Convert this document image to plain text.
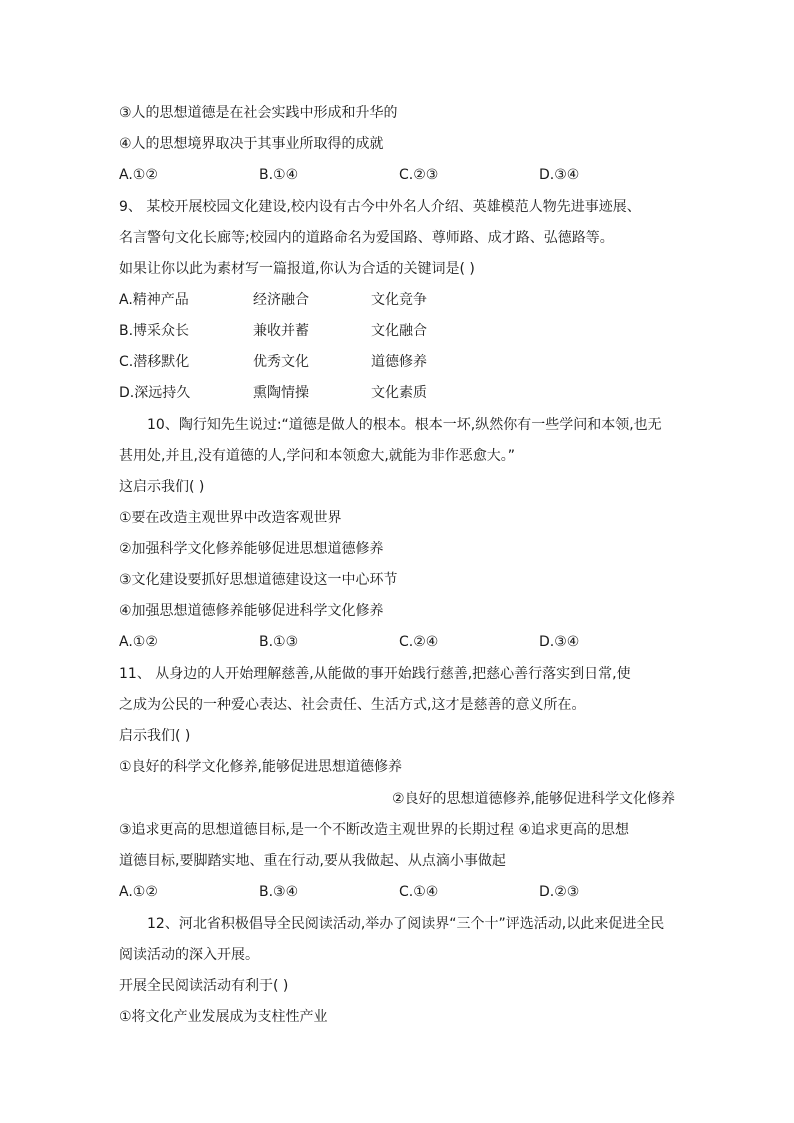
③人的思想道德是在社会实践中形成和升华的
④人的思想境界取决于其事业所取得的成就
A.①②	B.①④	C.②③	D.③④
9、 某校开展校园文化建设,校内设有古今中外名人介绍、英雄模范人物先进事迹展、
名言警句文化长廊等;校园内的道路命名为爱国路、尊师路、成才路、弘德路等。
如果让你以此为素材写一篇报道,你认为合适的关键词是( )
A.精神产品	经济融合	文化竞争
B.博采众长	兼收并蓄	文化融合
C.潜移默化	优秀文化	道德修养
D.深远持久	熏陶情操	文化素质
10、陶行知先生说过:“道德是做人的根本。根本一坏,纵然你有一些学问和本领,也无
甚用处,并且,没有道德的人,学问和本领愈大,就能为非作恶愈大。”
这启示我们( )
①要在改造主观世界中改造客观世界
②加强科学文化修养能够促进思想道德修养
③文化建设要抓好思想道德建设这一中心环节
④加强思想道德修养能够促进科学文化修养
A.①②	B.①③	C.②④	D.③④
11、 从身边的人开始理解慈善,从能做的事开始践行慈善,把慈心善行落实到日常,使
之成为公民的一种爱心表达、社会责任、生活方式,这才是慈善的意义所在。
启示我们( )
①良好的科学文化修养,能够促进思想道德修养
②良好的思想道德修养,能够促进科学文化修养
③追求更高的思想道德目标,是一个不断改造主观世界的长期过程 ④追求更高的思想
道德目标,要脚踏实地、重在行动,要从我做起、从点滴小事做起
A.①②	B.③④	C.①④	D.②③
12、河北省积极倡导全民阅读活动,举办了阅读界“三个十”评选活动,以此来促进全民
阅读活动的深入开展。
开展全民阅读活动有利于( )
①将文化产业发展成为支柱性产业
